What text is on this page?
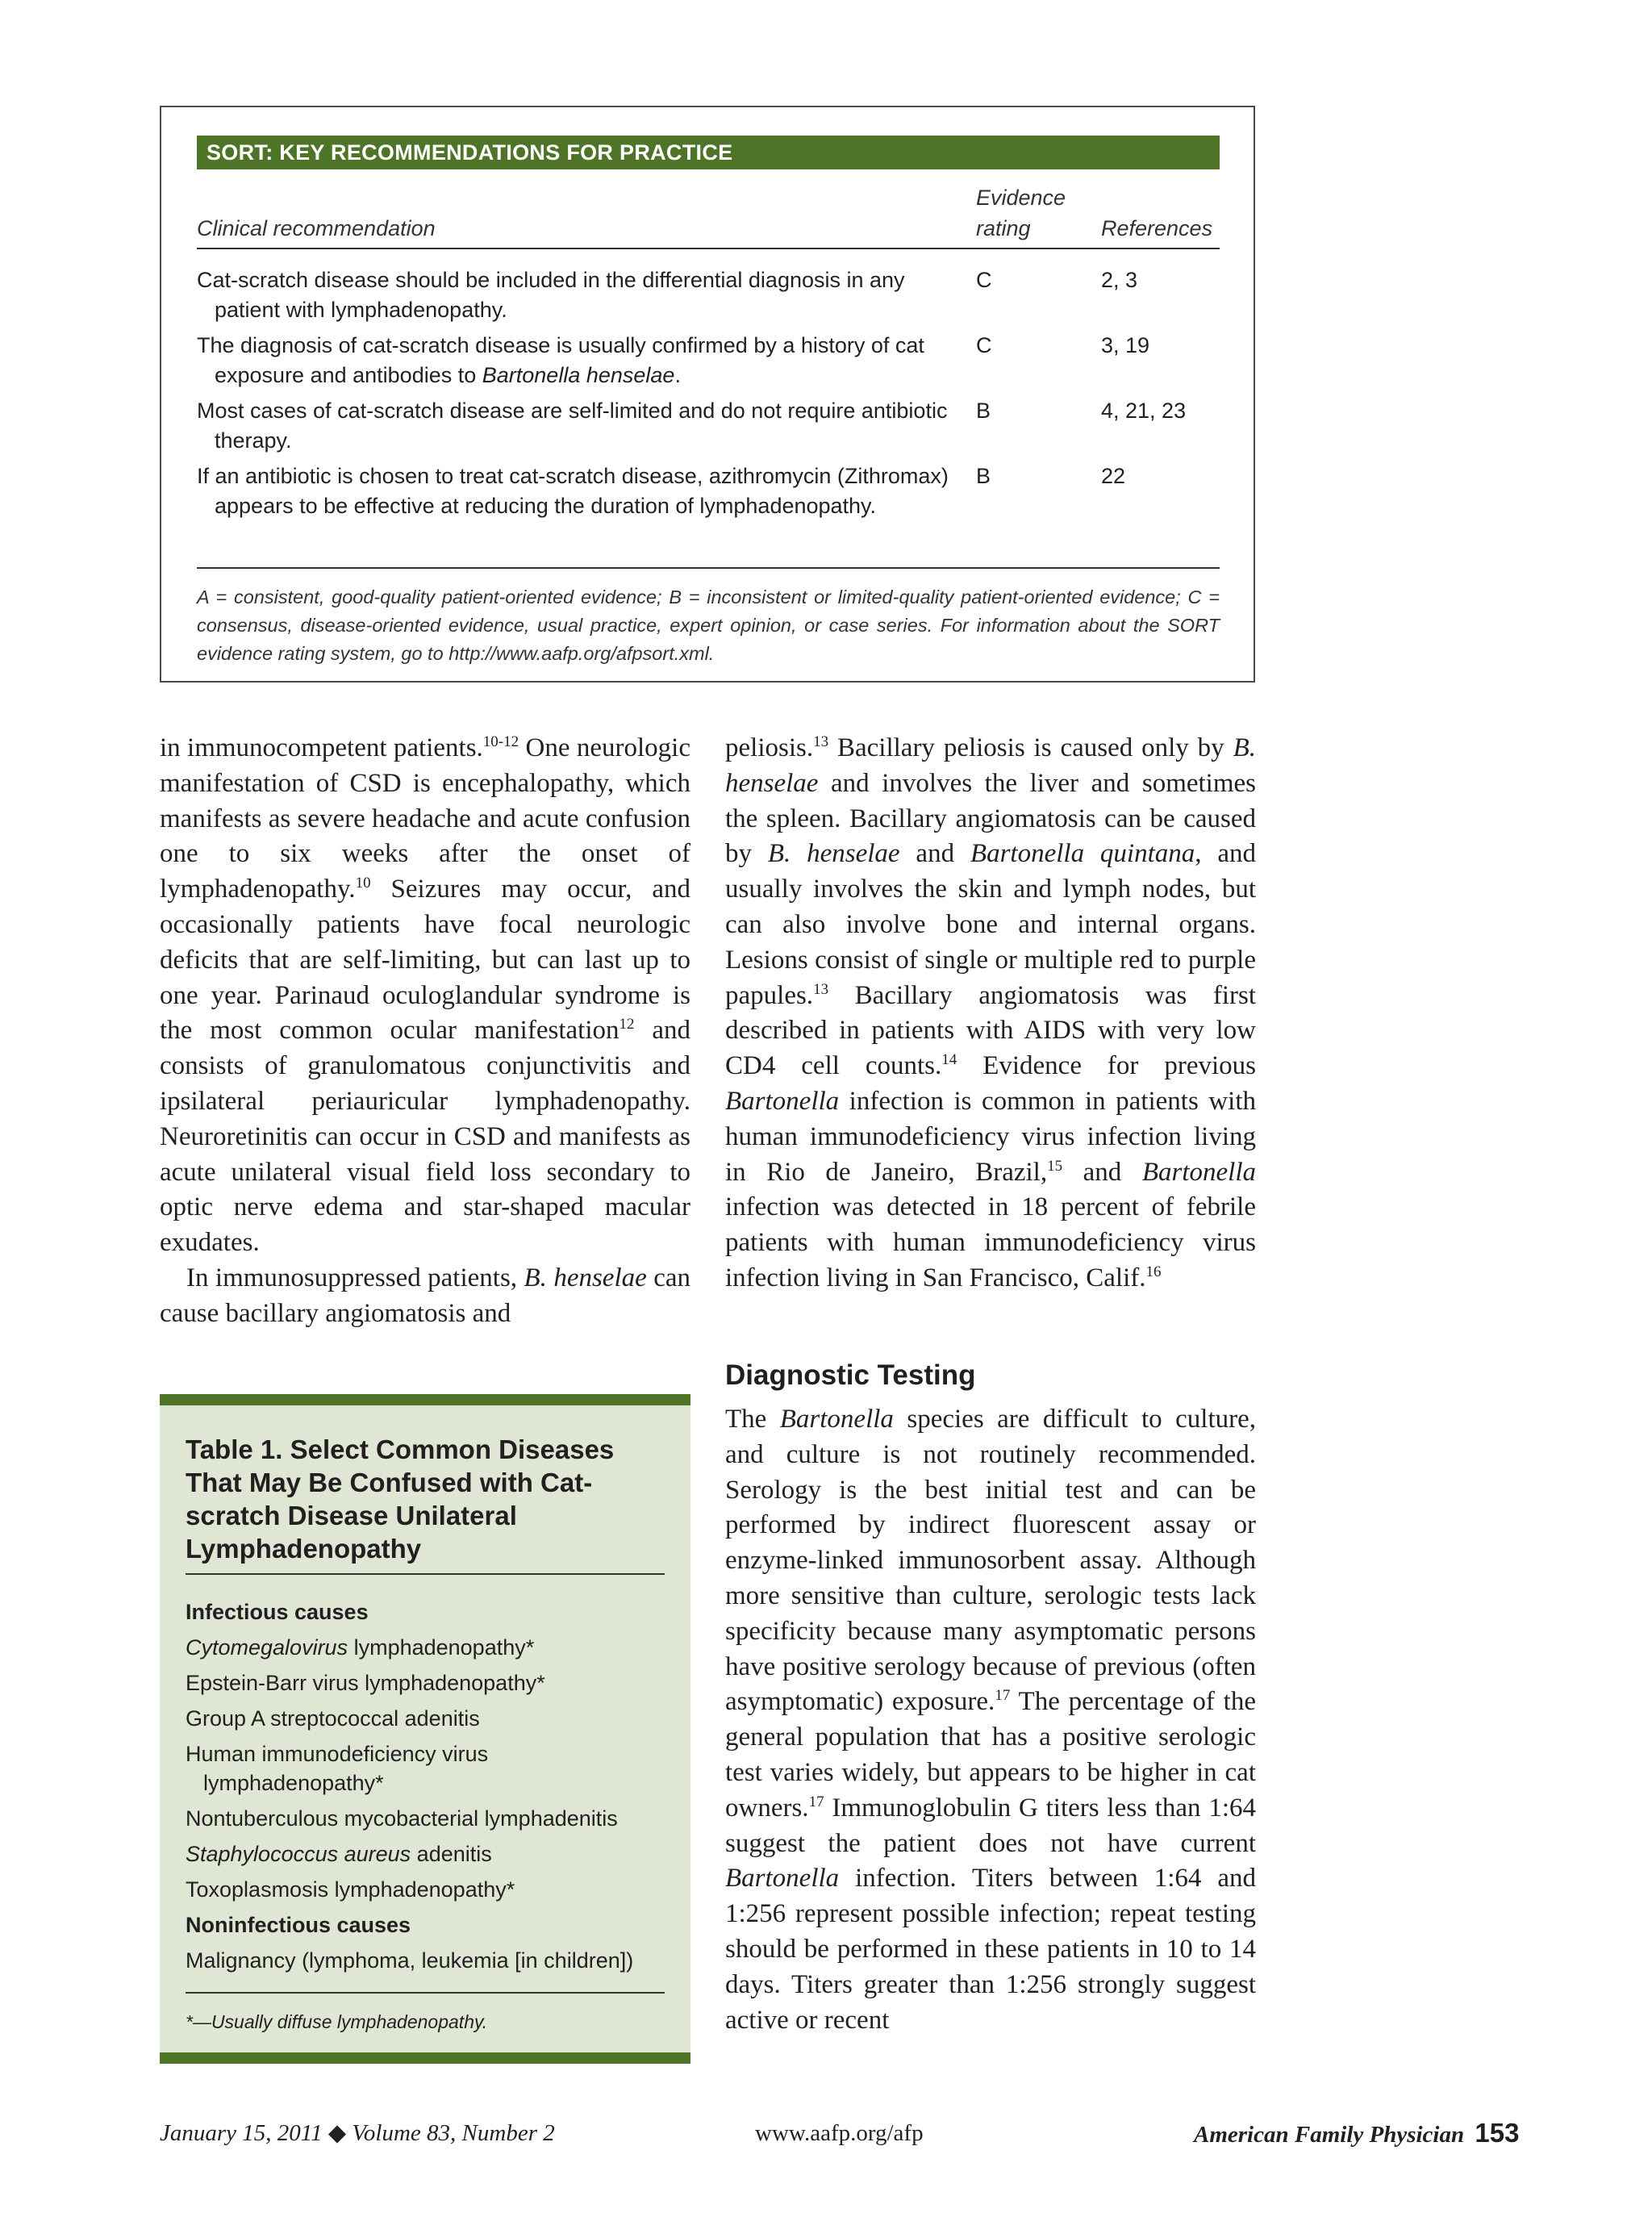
SORT: KEY RECOMMENDATIONS FOR PRACTICE
Clinical recommendation
Evidence
rating	References
Cat-scratch disease should be included in the differential diagnosis in any patient with lymphadenopathy.
C	2, 3
The diagnosis of cat-scratch disease is usually confirmed by a history of cat exposure and antibodies to Bartonella henselae.
C	3, 19
Most cases of cat-scratch disease are self-limited and do not require antibiotic therapy.
B	4, 21, 23
If an antibiotic is chosen to treat cat-scratch disease, azithromycin (Zithromax) appears to be effective at reducing the duration of lymphadenopathy.
B	22
A = consistent, good-quality patient-oriented evidence; B = inconsistent or limited-quality patient-oriented evidence; C = consensus, disease-oriented evidence, usual practice, expert opinion, or case series. For information about the SORT evidence rating system, go to http://www.aafp.org/afpsort.xml.

in immunocompetent patients.$^{10-12}$ One neurologic manifestation of CSD is encephalopathy, which manifests as severe headache and acute confusion one to six weeks after the onset of lymphadenopathy.$^{10}$ Seizures may occur, and occasionally patients have focal neurologic deficits that are self-limiting, but can last up to one year. Parinaud oculoglandular syndrome is the most common ocular manifestation$^{12}$ and consists of granulomatous conjunctivitis and ipsilateral periauricular lymphadenopathy. Neuroretinitis can occur in CSD and manifests as acute unilateral visual field loss secondary to optic nerve edema and star-shaped macular exudates.

In immunosuppressed patients, B. henselae can cause bacillary angiomatosis and

peliosis.$^{13}$ Bacillary peliosis is caused only by B. henselae and involves the liver and sometimes the spleen. Bacillary angiomatosis can be caused by B. henselae and Bartonella quintana, and usually involves the skin and lymph nodes, but can also involve bone and internal organs. Lesions consist of single or multiple red to purple papules.$^{13}$ Bacillary angiomatosis was first described in patients with AIDS with very low CD4 cell counts.$^{14}$ Evidence for previous Bartonella infection is common in patients with human immunodeficiency virus infection living in Rio de Janeiro, Brazil,$^{15}$ and Bartonella infection was detected in 18 percent of febrile patients with human immunodeficiency virus infection living in San Francisco, Calif.$^{16}$

Diagnostic Testing

The Bartonella species are difficult to culture, and culture is not routinely recommended. Serology is the best initial test and can be performed by indirect fluorescent assay or enzyme-linked immunosorbent assay. Although more sensitive than culture, serologic tests lack specificity because many asymptomatic persons have positive serology because of previous (often asymptomatic) exposure.$^{17}$ The percentage of the general population that has a positive serologic test varies widely, but appears to be higher in cat owners.$^{17}$ Immunoglobulin G titers less than 1:64 suggest the patient does not have current Bartonella infection. Titers between 1:64 and 1:256 represent possible infection; repeat testing should be performed in these patients in 10 to 14 days. Titers greater than 1:256 strongly suggest active or recent

Table 1. Select Common Diseases That May Be Confused with Cat-scratch Disease Unilateral Lymphadenopathy
Infectious causes
Cytomegalovirus lymphadenopathy*
Epstein-Barr virus lymphadenopathy*
Group A streptococcal adenitis
Human immunodeficiency virus lymphadenopathy*
Nontuberculous mycobacterial lymphadenitis
Staphylococcus aureus adenitis
Toxoplasmosis lymphadenopathy*
Noninfectious causes
Malignancy (lymphoma, leukemia [in children])
*—Usually diffuse lymphadenopathy.
January 15, 2011 ◆ Volume 83, Number 2	www.aafp.org/afp	American Family Physician 153
